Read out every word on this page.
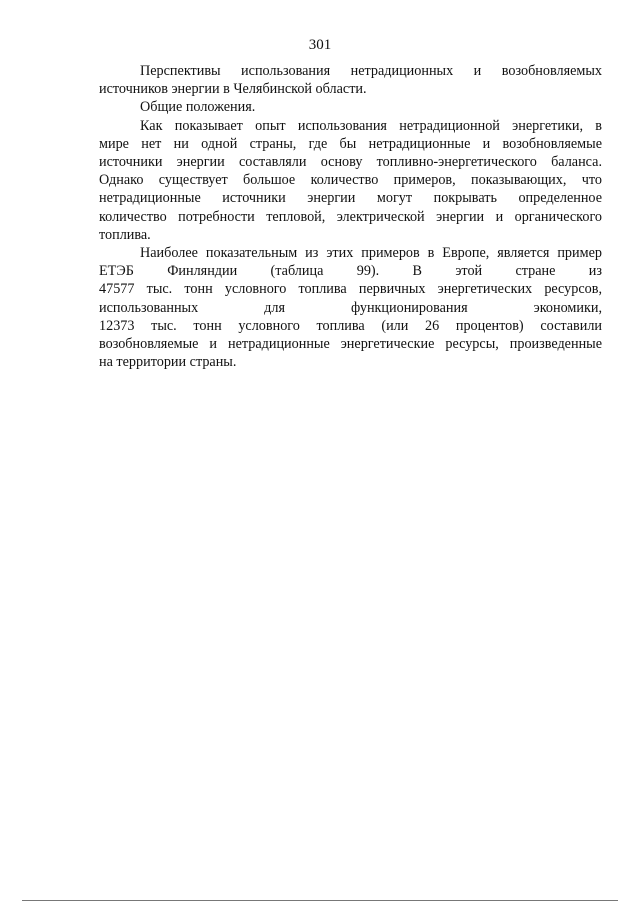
301
Перспективы использования нетрадиционных и возобновляемых
источников энергии в Челябинской области.
Общие положения.
Как показывает опыт использования нетрадиционной энергетики, в
мире нет ни одной страны, где бы нетрадиционные и возобновляемые
источники энергии составляли основу топливно-энергетического баланса.
Однако существует большое количество примеров, показывающих, что
нетрадиционные источники энергии могут покрывать определенное
количество потребности тепловой, электрической энергии и органического
топлива.
Наиболее показательным из этих примеров в Европе, является пример
ЕТЭБ Финляндии (таблица 99). В этой стране из
47577 тыс. тонн условного топлива первичных энергетических ресурсов,
использованных для функционирования экономики,
12373 тыс. тонн условного топлива (или 26 процентов) составили
возобновляемые и нетрадиционные энергетические ресурсы, произведенные
на территории страны.
